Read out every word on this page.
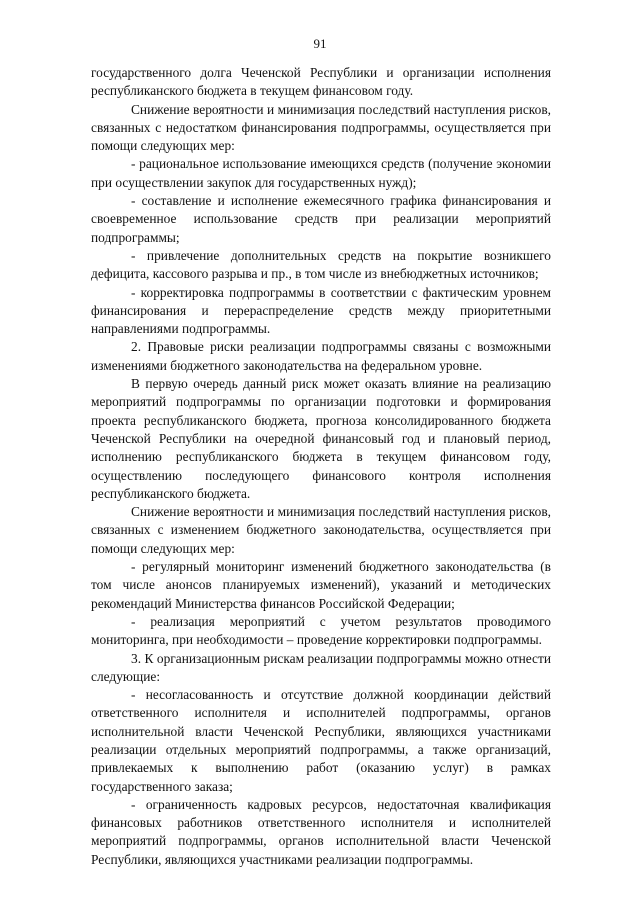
91

государственного долга Чеченской Республики и организации исполнения республиканского бюджета в текущем финансовом году.

Снижение вероятности и минимизация последствий наступления рисков, связанных с недостатком финансирования подпрограммы, осуществляется при помощи следующих мер:

- рациональное использование имеющихся средств (получение экономии при осуществлении закупок для государственных нужд);

- составление и исполнение ежемесячного графика финансирования и своевременное использование средств при реализации мероприятий подпрограммы;

- привлечение дополнительных средств на покрытие возникшего дефицита, кассового разрыва и пр., в том числе из внебюджетных источников;

- корректировка подпрограммы в соответствии с фактическим уровнем финансирования и перераспределение средств между приоритетными направлениями подпрограммы.

2. Правовые риски реализации подпрограммы связаны с возможными изменениями бюджетного законодательства на федеральном уровне.

В первую очередь данный риск может оказать влияние на реализацию мероприятий подпрограммы по организации подготовки и формирования проекта республиканского бюджета, прогноза консолидированного бюджета Чеченской Республики на очередной финансовый год и плановый период, исполнению республиканского бюджета в текущем финансовом году, осуществлению последующего финансового контроля исполнения республиканского бюджета.

Снижение вероятности и минимизация последствий наступления рисков, связанных с изменением бюджетного законодательства, осуществляется при помощи следующих мер:

- регулярный мониторинг изменений бюджетного законодательства (в том числе анонсов планируемых изменений), указаний и методических рекомендаций Министерства финансов Российской Федерации;

- реализация мероприятий с учетом результатов проводимого мониторинга, при необходимости – проведение корректировки подпрограммы.

3. К организационным рискам реализации подпрограммы можно отнести следующие:

- несогласованность и отсутствие должной координации действий ответственного исполнителя и исполнителей подпрограммы, органов исполнительной власти Чеченской Республики, являющихся участниками реализации отдельных мероприятий подпрограммы, а также организаций, привлекаемых к выполнению работ (оказанию услуг) в рамках государственного заказа;

- ограниченность кадровых ресурсов, недостаточная квалификация финансовых работников ответственного исполнителя и исполнителей мероприятий подпрограммы, органов исполнительной власти Чеченской Республики, являющихся участниками реализации подпрограммы.
